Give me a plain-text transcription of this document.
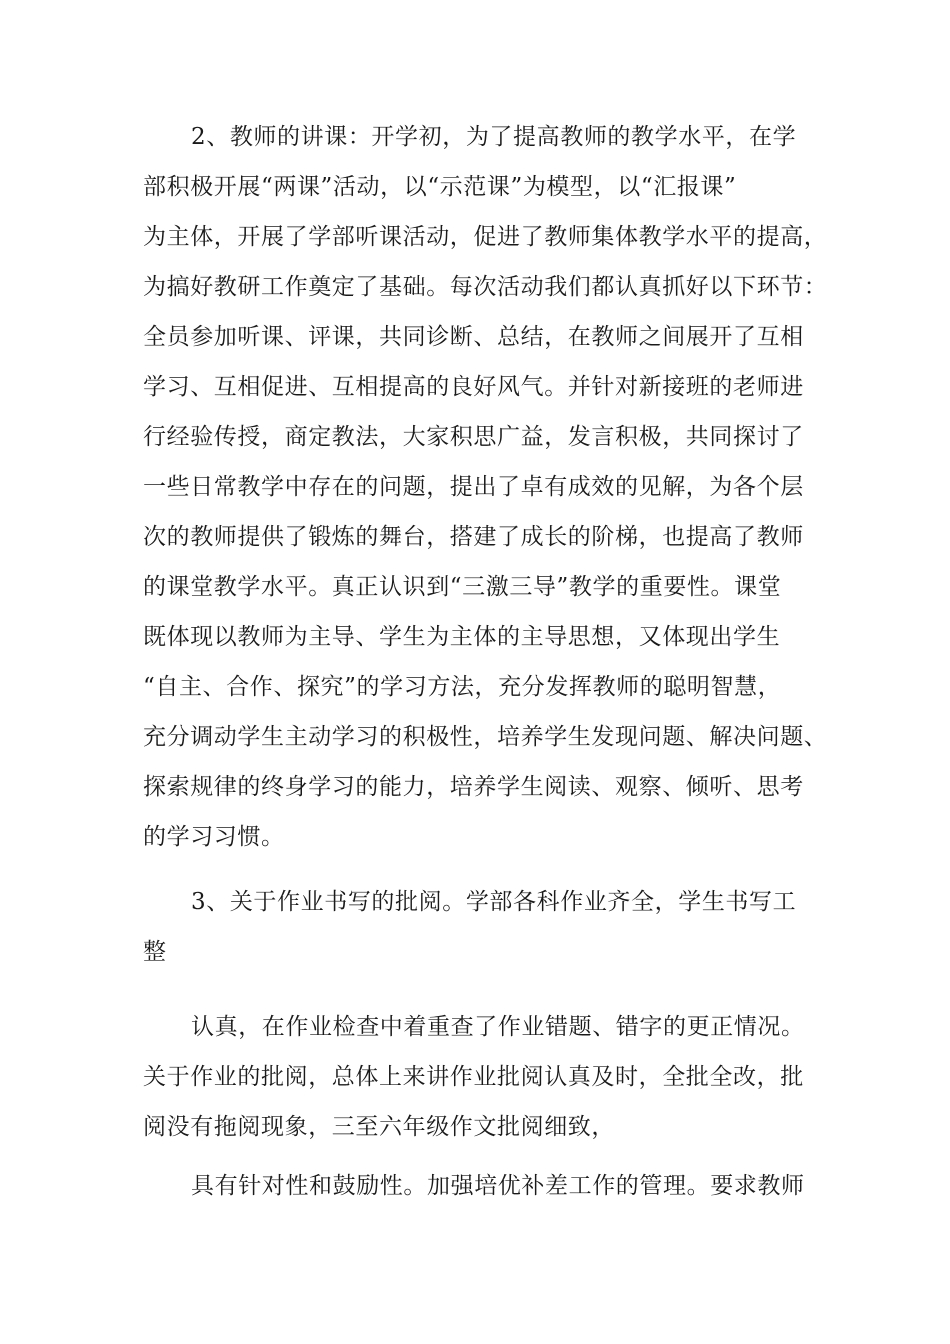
2、教师的讲课：开学初，为了提高教师的教学水平，在学
部积极开展“两课”活动，以“示范课”为模型，以“汇报课”
为主体，开展了学部听课活动，促进了教师集体教学水平的提高，
为搞好教研工作奠定了基础。每次活动我们都认真抓好以下环节：
全员参加听课、评课，共同诊断、总结，在教师之间展开了互相
学习、互相促进、互相提高的良好风气。并针对新接班的老师进
行经验传授，商定教法，大家积思广益，发言积极，共同探讨了
一些日常教学中存在的问题，提出了卓有成效的见解，为各个层
次的教师提供了锻炼的舞台，搭建了成长的阶梯，也提高了教师
的课堂教学水平。真正认识到“三激三导”教学的重要性。课堂
既体现以教师为主导、学生为主体的主导思想，又体现出学生
“自主、合作、探究”的学习方法，充分发挥教师的聪明智慧，
充分调动学生主动学习的积极性，培养学生发现问题、解决问题、
探索规律的终身学习的能力，培养学生阅读、观察、倾听、思考
的学习习惯。
3、关于作业书写的批阅。学部各科作业齐全，学生书写工
整
认真，在作业检查中着重查了作业错题、错字的更正情况。
关于作业的批阅，总体上来讲作业批阅认真及时，全批全改，批
阅没有拖阅现象，三至六年级作文批阅细致，
具有针对性和鼓励性。加强培优补差工作的管理。要求教师
